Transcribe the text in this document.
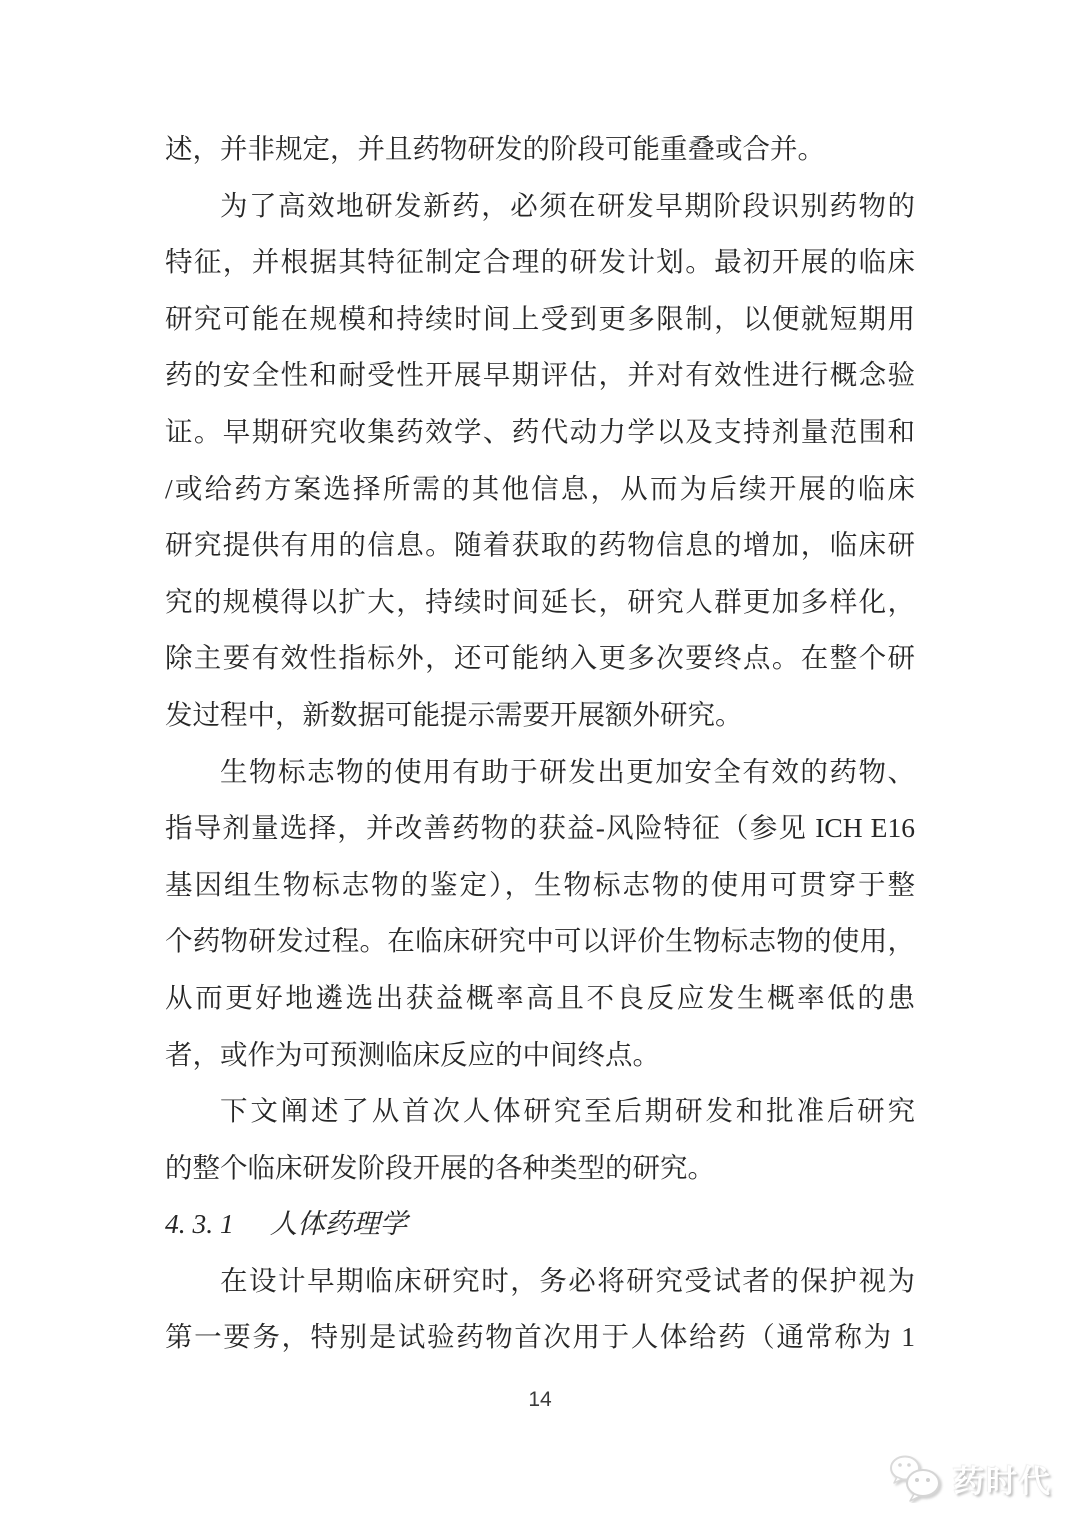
述，并非规定，并且药物研发的阶段可能重叠或合并。
为了高效地研发新药，必须在研发早期阶段识别药物的
特征，并根据其特征制定合理的研发计划。最初开展的临床
研究可能在规模和持续时间上受到更多限制，以便就短期用
药的安全性和耐受性开展早期评估，并对有效性进行概念验
证。早期研究收集药效学、药代动力学以及支持剂量范围和
/或给药方案选择所需的其他信息，从而为后续开展的临床
研究提供有用的信息。随着获取的药物信息的增加，临床研
究的规模得以扩大，持续时间延长，研究人群更加多样化，
除主要有效性指标外，还可能纳入更多次要终点。在整个研
发过程中，新数据可能提示需要开展额外研究。
生物标志物的使用有助于研发出更加安全有效的药物、
指导剂量选择，并改善药物的获益-风险特征（参见 ICH E16
基因组生物标志物的鉴定），生物标志物的使用可贯穿于整
个药物研发过程。在临床研究中可以评价生物标志物的使用，
从而更好地遴选出获益概率高且不良反应发生概率低的患
者，或作为可预测临床反应的中间终点。
下文阐述了从首次人体研究至后期研发和批准后研究
的整个临床研发阶段开展的各种类型的研究。
4. 3. 1 人体药理学
在设计早期临床研究时，务必将研究受试者的保护视为
第一要务，特别是试验药物首次用于人体给药（通常称为 1
14
药时代
